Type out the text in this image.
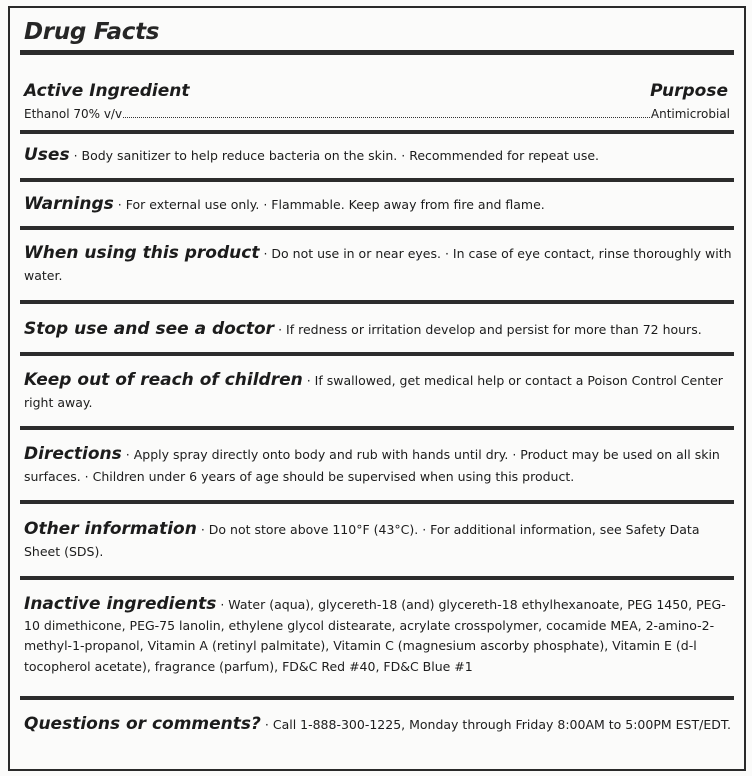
Drug Facts
Active Ingredient	Purpose
Ethanol 70% v/v	Antimicrobial
Uses · Body sanitizer to help reduce bacteria on the skin. · Recommended for repeat use.
Warnings · For external use only. · Flammable. Keep away from fire and flame.
When using this product · Do not use in or near eyes. · In case of eye contact, rinse thoroughly with water.
Stop use and see a doctor · If redness or irritation develop and persist for more than 72 hours.
Keep out of reach of children · If swallowed, get medical help or contact a Poison Control Center right away.
Directions · Apply spray directly onto body and rub with hands until dry. · Product may be used on all skin surfaces. · Children under 6 years of age should be supervised when using this product.
Other information · Do not store above 110°F (43°C). · For additional information, see Safety Data Sheet (SDS).
Inactive ingredients · Water (aqua), glycereth-18 (and) glycereth-18 ethylhexanoate, PEG 1450, PEG-10 dimethicone, PEG-75 lanolin, ethylene glycol distearate, acrylate crosspolymer, cocamide MEA, 2-amino-2-methyl-1-propanol, Vitamin A (retinyl palmitate), Vitamin C (magnesium ascorby phosphate), Vitamin E (d-l tocopherol acetate), fragrance (parfum), FD&C Red #40, FD&C Blue #1
Questions or comments? · Call 1-888-300-1225, Monday through Friday 8:00AM to 5:00PM EST/EDT.
